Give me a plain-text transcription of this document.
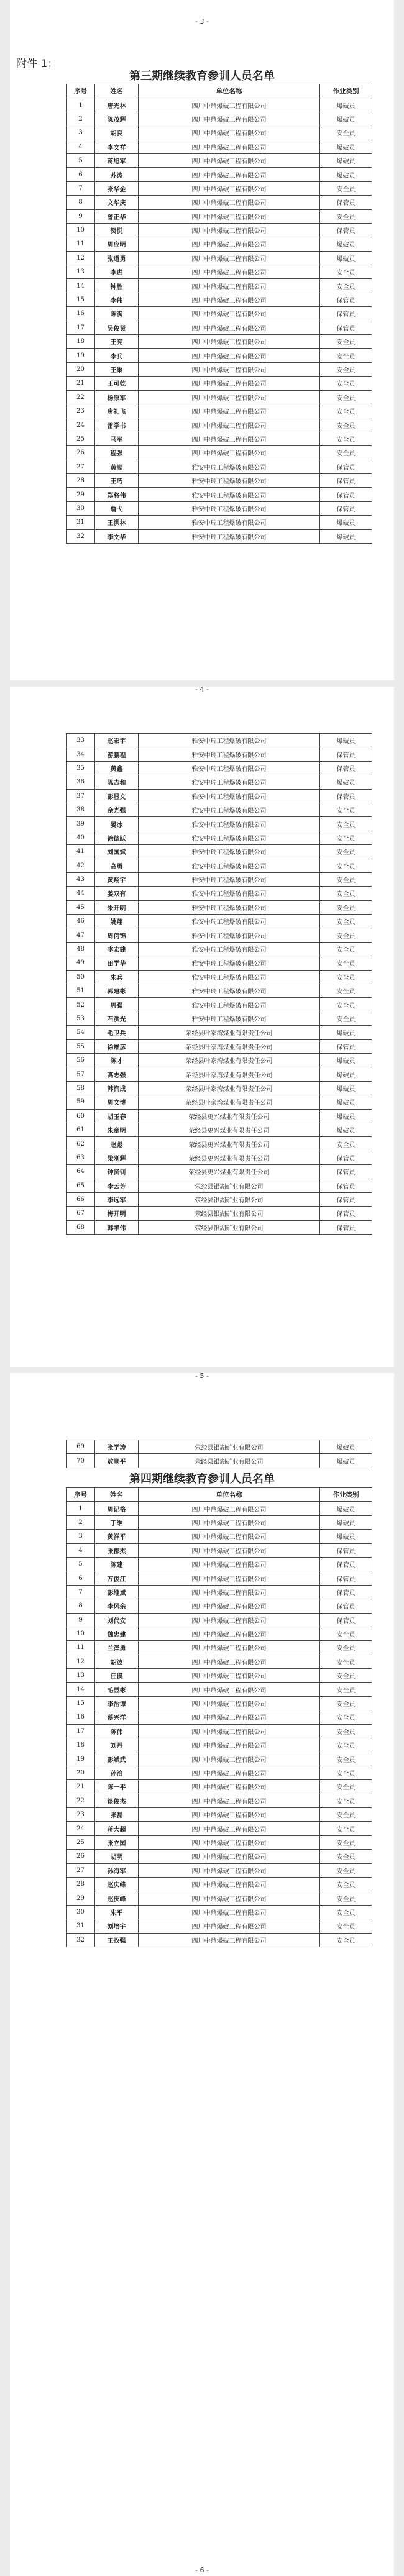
- 3 -
附件 1：
第三期继续教育参训人员名单
序号	姓名	单位名称	作业类别
1	唐光林	四川中鼎爆破工程有限公司	爆破员
2	陈茂辉	四川中鼎爆破工程有限公司	爆破员
3	胡良	四川中鼎爆破工程有限公司	安全员
4	李文祥	四川中鼎爆破工程有限公司	爆破员
5	蒋旭军	四川中鼎爆破工程有限公司	爆破员
6	苏涛	四川中鼎爆破工程有限公司	爆破员
7	张华金	四川中鼎爆破工程有限公司	安全员
8	文华庆	四川中鼎爆破工程有限公司	保管员
9	曾正华	四川中鼎爆破工程有限公司	安全员
10	贺悦	四川中鼎爆破工程有限公司	保管员
11	周应明	四川中鼎爆破工程有限公司	爆破员
12	张道勇	四川中鼎爆破工程有限公司	爆破员
13	李进	四川中鼎爆破工程有限公司	安全员
14	钟胜	四川中鼎爆破工程有限公司	安全员
15	李伟	四川中鼎爆破工程有限公司	保管员
16	陈满	四川中鼎爆破工程有限公司	保管员
17	吴俊贤	四川中鼎爆破工程有限公司	保管员
18	王亮	四川中鼎爆破工程有限公司	安全员
19	李兵	四川中鼎爆破工程有限公司	安全员
20	王巢	四川中鼎爆破工程有限公司	安全员
21	王可乾	四川中鼎爆破工程有限公司	安全员
22	杨原军	四川中鼎爆破工程有限公司	安全员
23	唐礼飞	四川中鼎爆破工程有限公司	安全员
24	雷学书	四川中鼎爆破工程有限公司	安全员
25	马军	四川中鼎爆破工程有限公司	安全员
26	程强	四川中鼎爆破工程有限公司	安全员
27	黄顺	雅安中瑞工程爆破有限公司	保管员
28	王巧	雅安中瑞工程爆破有限公司	保管员
29	郑将伟	雅安中瑞工程爆破有限公司	保管员
30	詹弋	雅安中瑞工程爆破有限公司	保管员
31	王洪林	雅安中瑞工程爆破有限公司	爆破员
32	李文华	雅安中瑞工程爆破有限公司	爆破员
- 4 -
33	赵宏宇	雅安中瑞工程爆破有限公司	爆破员
34	游鹏程	雅安中瑞工程爆破有限公司	保管员
35	黄鑫	雅安中瑞工程爆破有限公司	保管员
36	陈吉和	雅安中瑞工程爆破有限公司	爆破员
37	彭显文	雅安中瑞工程爆破有限公司	保管员
38	余光强	雅安中瑞工程爆破有限公司	安全员
39	晏冰	雅安中瑞工程爆破有限公司	安全员
40	徐德跃	雅安中瑞工程爆破有限公司	安全员
41	刘国斌	雅安中瑞工程爆破有限公司	安全员
42	高勇	雅安中瑞工程爆破有限公司	安全员
43	黄翔宇	雅安中瑞工程爆破有限公司	安全员
44	姜双有	雅安中瑞工程爆破有限公司	安全员
45	朱开明	雅安中瑞工程爆破有限公司	安全员
46	姚翔	雅安中瑞工程爆破有限公司	安全员
47	周何锦	雅安中瑞工程爆破有限公司	安全员
48	李宏建	雅安中瑞工程爆破有限公司	安全员
49	田学华	雅安中瑞工程爆破有限公司	安全员
50	朱兵	雅安中瑞工程爆破有限公司	安全员
51	郭建彬	雅安中瑞工程爆破有限公司	安全员
52	周强	雅安中瑞工程爆破有限公司	安全员
53	石洪光	雅安中瑞工程爆破有限公司	安全员
54	毛卫兵	荥经县叶家湾煤业有限责任公司	爆破员
55	徐雄彦	荥经县叶家湾煤业有限责任公司	保管员
56	陈才	荥经县叶家湾煤业有限责任公司	爆破员
57	高志强	荥经县叶家湾煤业有限责任公司	爆破员
58	韩润成	荥经县叶家湾煤业有限责任公司	爆破员
59	周文博	荥经县叶家湾煤业有限责任公司	爆破员
60	胡玉春	荥经县更兴煤业有限责任公司	爆破员
61	朱章明	荥经县更兴煤业有限责任公司	爆破员
62	赵彪	荥经县更兴煤业有限责任公司	安全员
63	梁刚辉	荥经县更兴煤业有限责任公司	保管员
64	钟贤钊	荥经县更兴煤业有限责任公司	保管员
65	李云芳	荥经县银湖矿业有限公司	保管员
66	李远军	荥经县银湖矿业有限公司	保管员
67	梅开明	荥经县银湖矿业有限公司	保管员
68	韩孝伟	荥经县银湖矿业有限公司	保管员
- 5 -
69	张学涛	荥经县银湖矿业有限公司	爆破员
70	敖顺平	荥经县银湖矿业有限公司	爆破员
第四期继续教育参训人员名单
序号	姓名	单位名称	作业类别
1	周记格	四川中鼎爆破工程有限公司	爆破员
2	丁维	四川中鼎爆破工程有限公司	爆破员
3	黄祥平	四川中鼎爆破工程有限公司	爆破员
4	张郡杰	四川中鼎爆破工程有限公司	保管员
5	陈建	四川中鼎爆破工程有限公司	保管员
6	万俊江	四川中鼎爆破工程有限公司	保管员
7	彭继斌	四川中鼎爆破工程有限公司	保管员
8	李风余	四川中鼎爆破工程有限公司	保管员
9	刘代安	四川中鼎爆破工程有限公司	保管员
10	魏忠建	四川中鼎爆破工程有限公司	安全员
11	兰泽勇	四川中鼎爆破工程有限公司	安全员
12	胡波	四川中鼎爆破工程有限公司	安全员
13	汪摸	四川中鼎爆破工程有限公司	安全员
14	毛显彬	四川中鼎爆破工程有限公司	安全员
15	李治谭	四川中鼎爆破工程有限公司	安全员
16	蔡兴洋	四川中鼎爆破工程有限公司	安全员
17	陈伟	四川中鼎爆破工程有限公司	安全员
18	刘丹	四川中鼎爆破工程有限公司	安全员
19	彭斌武	四川中鼎爆破工程有限公司	安全员
20	孙治	四川中鼎爆破工程有限公司	安全员
21	陈一平	四川中鼎爆破工程有限公司	安全员
22	谈俊杰	四川中鼎爆破工程有限公司	安全员
23	张磊	四川中鼎爆破工程有限公司	安全员
24	蒋大超	四川中鼎爆破工程有限公司	安全员
25	张立国	四川中鼎爆破工程有限公司	安全员
26	胡明	四川中鼎爆破工程有限公司	安全员
27	孙海军	四川中鼎爆破工程有限公司	安全员
28	赵庆峰	四川中鼎爆破工程有限公司	安全员
29	赵庆峰	四川中鼎爆破工程有限公司	安全员
30	朱平	四川中鼎爆破工程有限公司	安全员
31	刘培宇	四川中鼎爆破工程有限公司	安全员
32	王孜强	四川中鼎爆破工程有限公司	安全员
- 6 -
